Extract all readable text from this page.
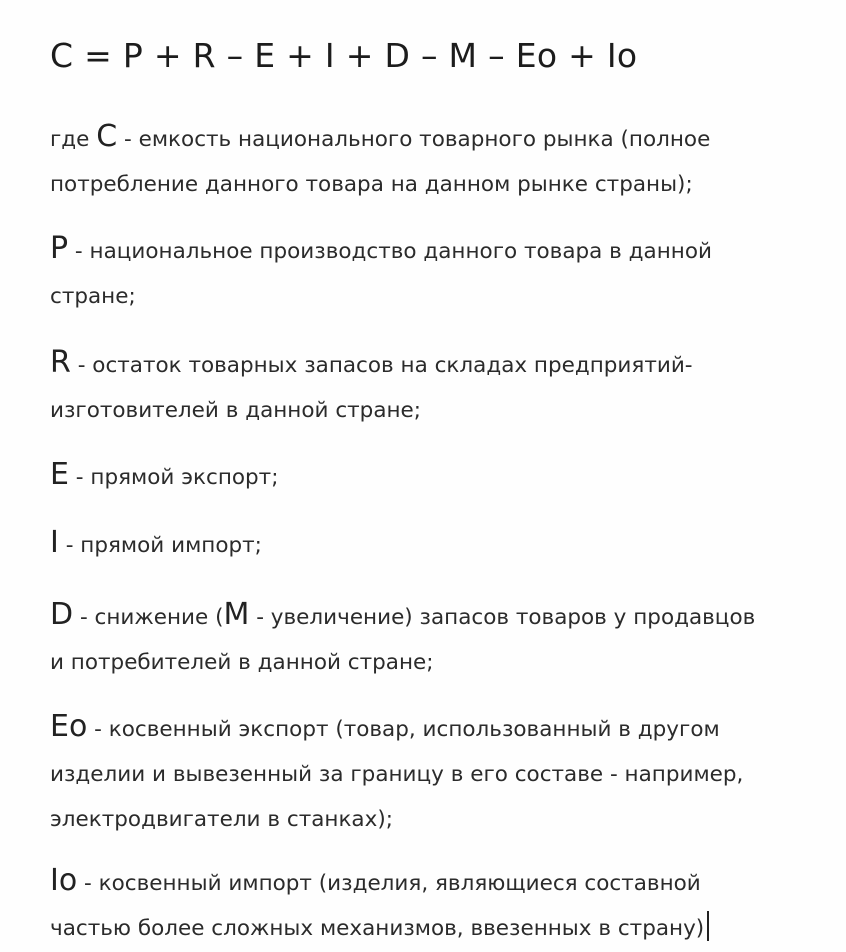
С = P + R – E + I + D – M – Eo + Io
где С - емкость национального товарного рынка (полное
потребление данного товара на данном рынке страны);
Р - национальное производство данного товара в данной
стране;
R - остаток товарных запасов на складах предприятий-
изготовителей в данной стране;
Е - прямой экспорт;
I - прямой импорт;
D - снижение (М - увеличение) запасов товаров у продавцов
и потребителей в данной стране;
Ео - косвенный экспорт (товар, использованный в другом
изделии и вывезенный за границу в его составе - например,
электродвигатели в станках);
Io - косвенный импорт (изделия, являющиеся составной
частью более сложных механизмов, ввезенных в страну)
